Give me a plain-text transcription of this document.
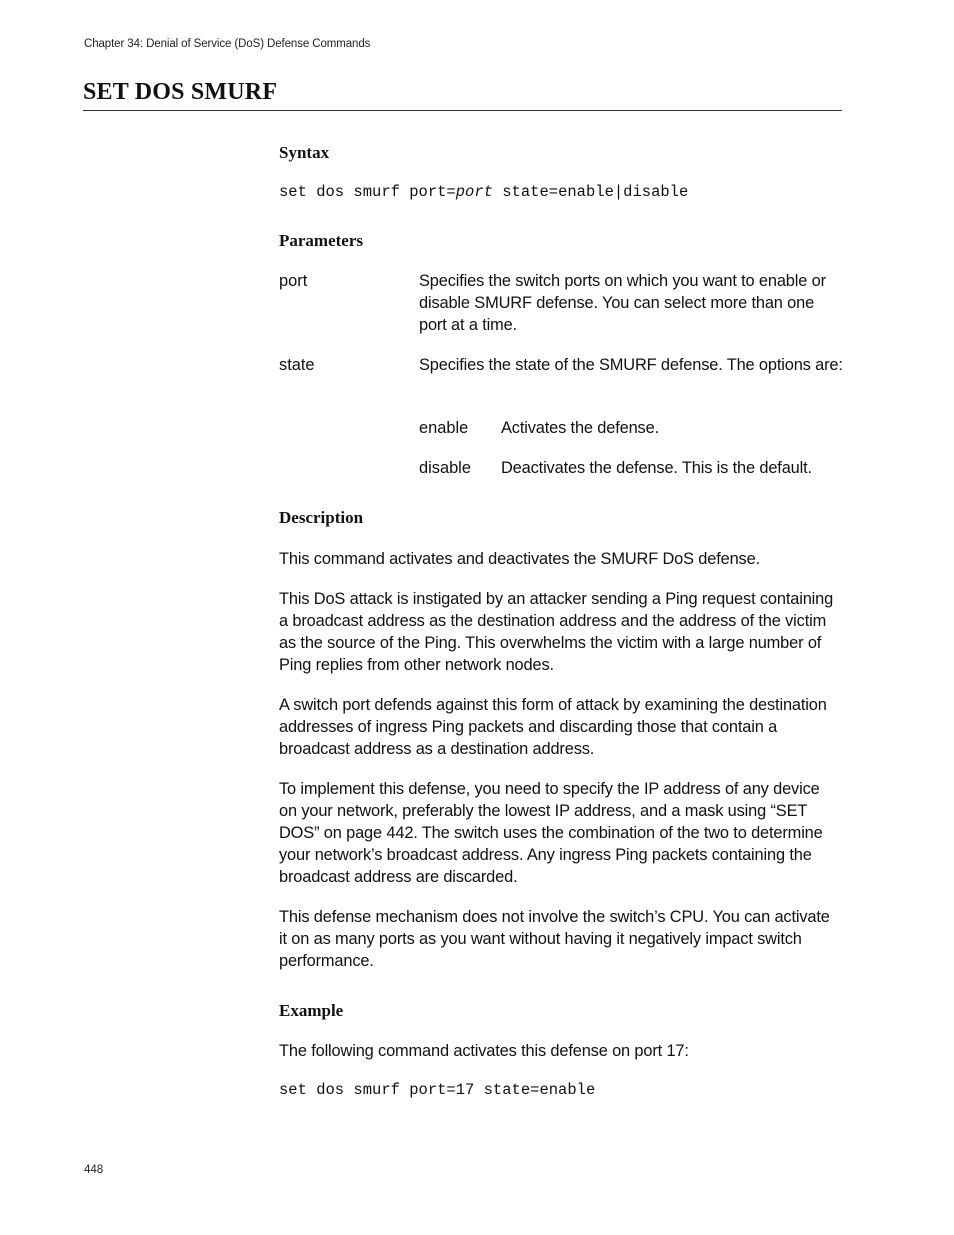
Chapter 34: Denial of Service (DoS) Defense Commands
SET DOS SMURF
Syntax
set dos smurf port=port state=enable|disable
Parameters
port	Specifies the switch ports on which you want to enable or disable SMURF defense. You can select more than one port at a time.

state	Specifies the state of the SMURF defense. The options are:

enable Activates the defense.
disable Deactivates the defense. This is the default.
Description

This command activates and deactivates the SMURF DoS defense.

This DoS attack is instigated by an attacker sending a Ping request containing a broadcast address as the destination address and the address of the victim as the source of the Ping. This overwhelms the victim with a large number of Ping replies from other network nodes.

A switch port defends against this form of attack by examining the destination addresses of ingress Ping packets and discarding those that contain a broadcast address as a destination address.

To implement this defense, you need to specify the IP address of any device on your network, preferably the lowest IP address, and a mask using “SET DOS” on page 442. The switch uses the combination of the two to determine your network’s broadcast address. Any ingress Ping packets containing the broadcast address are discarded.

This defense mechanism does not involve the switch’s CPU. You can activate it on as many ports as you want without having it negatively impact switch performance.

Example

The following command activates this defense on port 17:

set dos smurf port=17 state=enable
448
